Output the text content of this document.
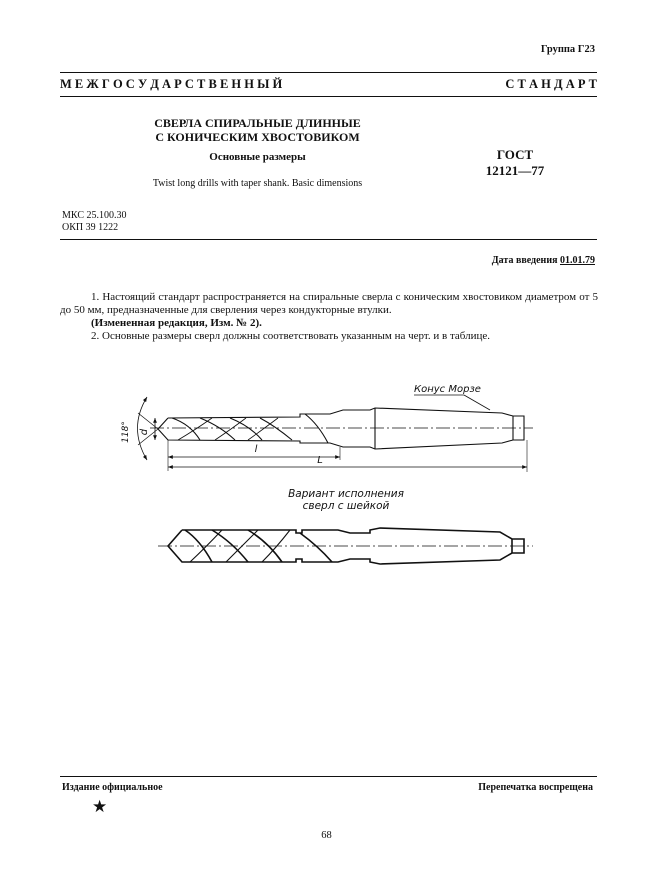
Группа Г23
М Е Ж Г О С У Д А Р С Т В Е Н Н Ы Й	С Т А Н Д А Р Т
СВЕРЛА СПИРАЛЬНЫЕ ДЛИННЫЕ
С КОНИЧЕСКИМ ХВОСТОВИКОМ
Основные размеры
Twist long drills with taper shank. Basic dimensions
ГОСТ
12121—77
МКС 25.100.30
ОКП 39 1222
Дата введения 01.01.79

1. Настоящий стандарт распространяется на спиральные сверла с коническим хвостовиком диаметром от 5 до 50 мм, предназначенные для сверления через кондукторные втулки.

(Измененная редакция, Изм. № 2).

2. Основные размеры сверл должны соответствовать указанным на черт. и в таблице.

Конус Морзе
118° d
l
L
Вариант исполнения
сверл с шейкой
Издание официальное	Перепечатка воспрещена
★
68
